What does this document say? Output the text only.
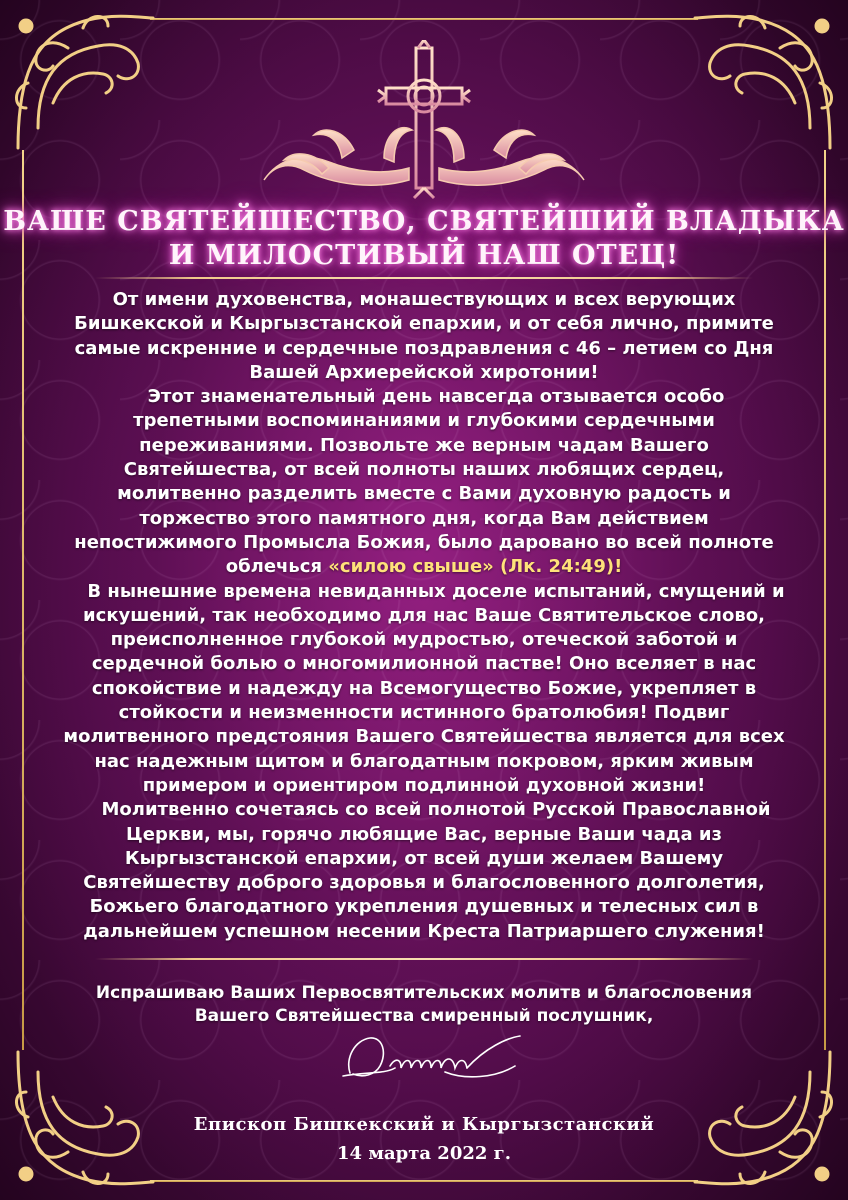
ВАШЕ СВЯТЕЙШЕСТВО, СВЯТЕЙШИЙ ВЛАДЫКА
И МИЛОСТИВЫЙ НАШ ОТЕЦ!

От имени духовенства, монашествующих и всех верующих Бишкекской и Кыргызстанской епархии, и от себя лично, примите самые искренние и сердечные поздравления с 46 – летием со Дня Вашей Архиерейской хиротонии!

Этот знаменательный день навсегда отзывается особо трепетными воспоминаниями и глубокими сердечными переживаниями. Позвольте же верным чадам Вашего Святейшества, от всей полноты наших любящих сердец, молитвенно разделить вместе с Вами духовную радость и торжество этого памятного дня, когда Вам действием непостижимого Промысла Божия, было даровано во всей полноте облечься «силою свыше» (Лк. 24:49)!

В нынешние времена невиданных доселе испытаний, смущений и искушений, так необходимо для нас Ваше Святительское слово, преисполненное глубокой мудростью, отеческой заботой и сердечной болью о многомилионной пастве! Оно вселяет в нас спокойствие и надежду на Всемогущество Божие, укрепляет в стойкости и неизменности истинного братолюбия! Подвиг молитвенного предстояния Вашего Святейшества является для всех нас надежным щитом и благодатным покровом, ярким живым примером и ориентиром подлинной духовной жизни!

Молитвенно сочетаясь со всей полнотой Русской Православной Церкви, мы, горячо любящие Вас, верные Ваши чада из Кыргызстанской епархии, от всей души желаем Вашему Святейшеству доброго здоровья и благословенного долголетия, Божьего благодатного укрепления душевных и телесных сил в дальнейшем успешном несении Креста Патриаршего служения!

Испрашиваю Ваших Первосвятительских молитв и благословения
Вашего Святейшества смиренный послушник,
Епископ Бишкекский и Кыргызстанский
14 марта 2022 г.
